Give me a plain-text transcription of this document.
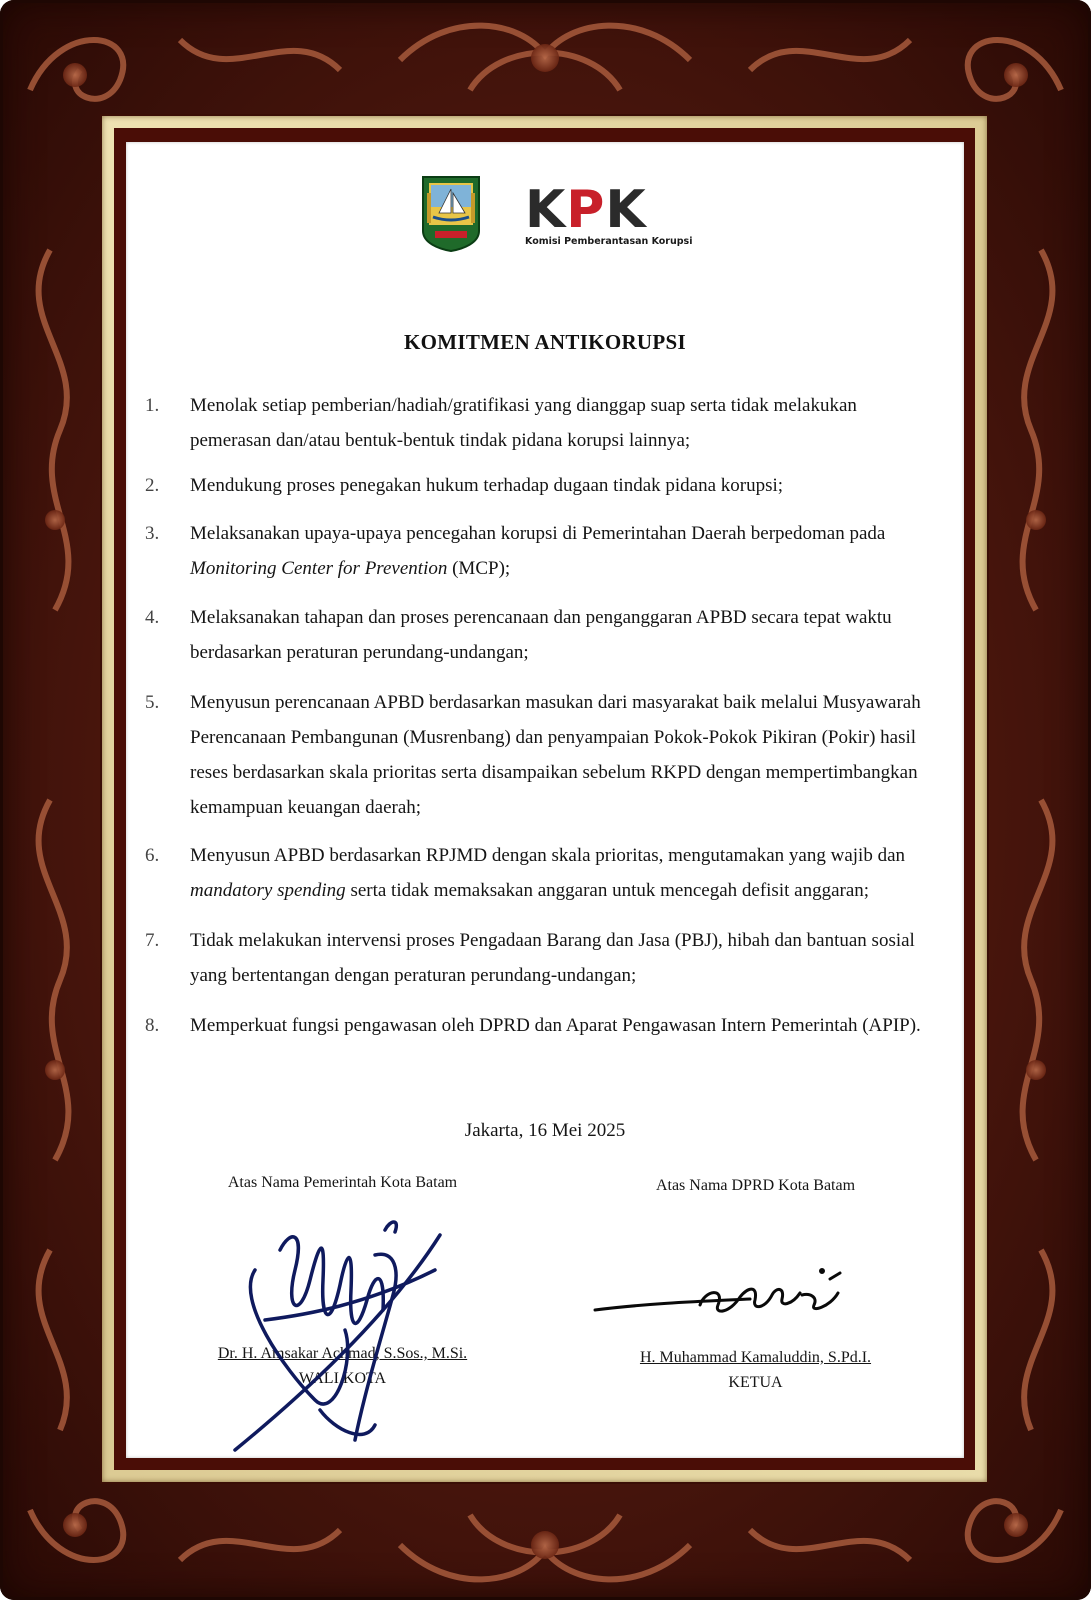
KPK
Komisi Pemberantasan Korupsi
KOMITMEN ANTIKORUPSI
1.	Menolak setiap pemberian/hadiah/gratifikasi yang dianggap suap serta tidak melakukan
pemerasan dan/atau bentuk-bentuk tindak pidana korupsi lainnya;
2.	Mendukung proses penegakan hukum terhadap dugaan tindak pidana korupsi;
3.	Melaksanakan upaya-upaya pencegahan korupsi di Pemerintahan Daerah berpedoman pada
Monitoring Center for Prevention (MCP);
4.	Melaksanakan tahapan dan proses perencanaan dan penganggaran APBD secara tepat waktu
berdasarkan peraturan perundang-undangan;
5.	Menyusun perencanaan APBD berdasarkan masukan dari masyarakat baik melalui Musyawarah
Perencanaan Pembangunan (Musrenbang) dan penyampaian Pokok-Pokok Pikiran (Pokir) hasil
reses berdasarkan skala prioritas serta disampaikan sebelum RKPD dengan mempertimbangkan
kemampuan keuangan daerah;
6.	Menyusun APBD berdasarkan RPJMD dengan skala prioritas, mengutamakan yang wajib dan
mandatory spending serta tidak memaksakan anggaran untuk mencegah defisit anggaran;
7.	Tidak melakukan intervensi proses Pengadaan Barang dan Jasa (PBJ), hibah dan bantuan sosial
yang bertentangan dengan peraturan perundang-undangan;
8.	Memperkuat fungsi pengawasan oleh DPRD dan Aparat Pengawasan Intern Pemerintah (APIP).
Jakarta, 16 Mei 2025
Atas Nama Pemerintah Kota Batam	Atas Nama DPRD Kota Batam
Dr. H. Amsakar Achmad, S.Sos., M.Si.
WALI KOTA
H. Muhammad Kamaluddin, S.Pd.I.
KETUA
